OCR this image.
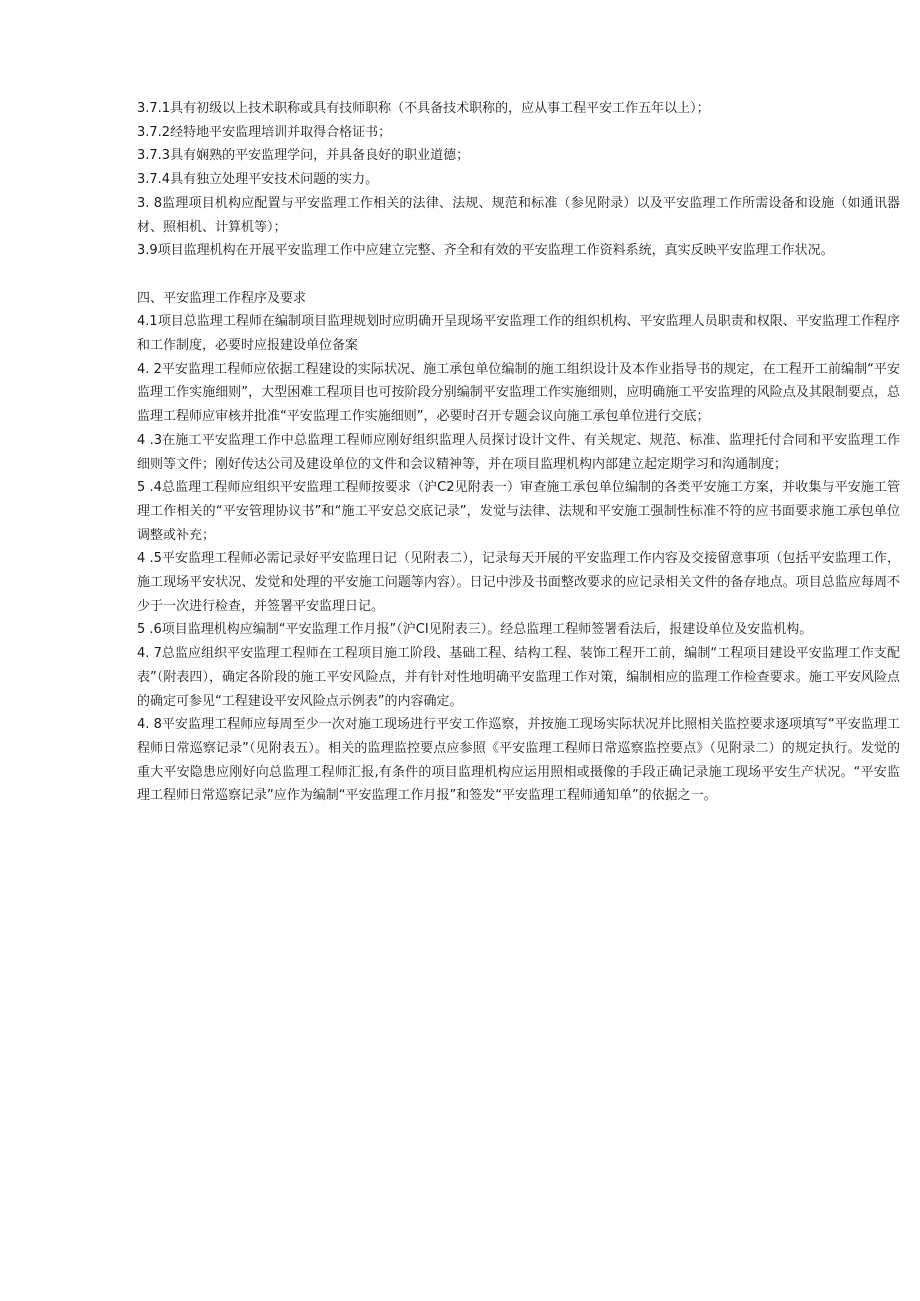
3.7.1具有初级以上技术职称或具有技师职称（不具备技术职称的，应从事工程平安工作五年以上）；

3.7.2经特地平安监理培训并取得合格证书；

3.7.3具有娴熟的平安监理学问，并具备良好的职业道德；

3.7.4具有独立处理平安技术问题的实力。

3. 8监理项目机构应配置与平安监理工作相关的法律、法规、规范和标准（参见附录）以及平安监理工作所需设备和设施（如通讯器材、照相机、计算机等）；

3.9项目监理机构在开展平安监理工作中应建立完整、齐全和有效的平安监理工作资料系统，真实反映平安监理工作状况。

四、平安监理工作程序及要求

4.1项目总监理工程师在编制项目监理规划时应明确开呈现场平安监理工作的组织机构、平安监理人员职责和权限、平安监理工作程序和工作制度，必要时应报建设单位备案

4. 2平安监理工程师应依据工程建设的实际状况、施工承包单位编制的施工组织设计及本作业指导书的规定，在工程开工前编制“平安监理工作实施细则”，大型困难工程项目也可按阶段分别编制平安监理工作实施细则，应明确施工平安监理的风险点及其限制要点，总监理工程师应审核并批准“平安监理工作实施细则”，必要时召开专题会议向施工承包单位进行交底；

4 .3在施工平安监理工作中总监理工程师应刚好组织监理人员探讨设计文件、有关规定、规范、标准、监理托付合同和平安监理工作细则等文件；刚好传达公司及建设单位的文件和会议精神等，并在项目监理机构内部建立起定期学习和沟通制度；

5 .4总监理工程师应组织平安监理工程师按要求（沪C2见附表一）审查施工承包单位编制的各类平安施工方案，并收集与平安施工管理工作相关的“平安管理协议书”和“施工平安总交底记录”，发觉与法律、法规和平安施工强制性标准不符的应书面要求施工承包单位调整或补充；

4 .5平安监理工程师必需记录好平安监理日记（见附表二），记录每天开展的平安监理工作内容及交接留意事项（包括平安监理工作，施工现场平安状况、发觉和处理的平安施工问题等内容）。日记中涉及书面整改要求的应记录相关文件的备存地点。项目总监应每周不少于一次进行检查，并签署平安监理日记。

5 .6项目监理机构应编制“平安监理工作月报”（沪CI见附表三）。经总监理工程师签署看法后，报建设单位及安监机构。

4. 7总监应组织平安监理工程师在工程项目施工阶段、基础工程、结构工程、装饰工程开工前，编制“工程项目建设平安监理工作支配表”（附表四），确定各阶段的施工平安风险点，并有针对性地明确平安监理工作对策，编制相应的监理工作检查要求。施工平安风险点的确定可参见“工程建设平安风险点示例表”的内容确定。

4. 8平安监理工程师应每周至少一次对施工现场进行平安工作巡察，并按施工现场实际状况并比照相关监控要求逐项填写“平安监理工程师日常巡察记录”（见附表五）。相关的监理监控要点应参照《平安监理工程师日常巡察监控要点》（见附录二）的规定执行。发觉的重大平安隐患应刚好向总监理工程师汇报,有条件的项目监理机构应运用照相或摄像的手段正确记录施工现场平安生产状况。“平安监理工程师日常巡察记录”应作为编制“平安监理工作月报”和签发“平安监理工程师通知单”的依据之一。
